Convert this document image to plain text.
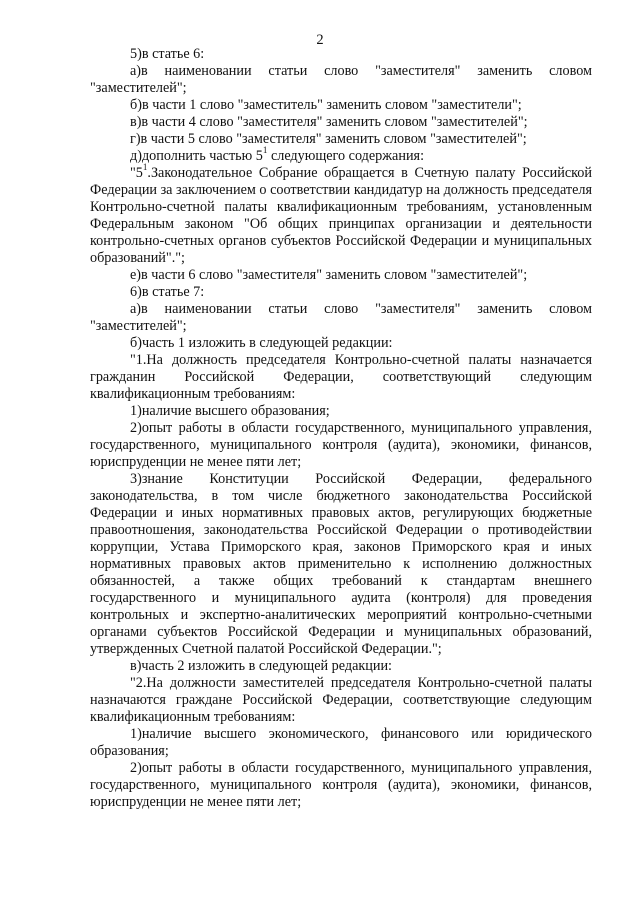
2

5)в статье 6:

а)в наименовании статьи слово "заместителя" заменить словом "заместителей";

б)в части 1 слово "заместитель" заменить словом "заместители";

в)в части 4 слово "заместителя" заменить словом "заместителей";

г)в части 5 слово "заместителя" заменить словом "заместителей";

д)дополнить частью $5^1$ следующего содержания:

"$5^1.Законодательное$ Собрание обращается в Счетную палату Российской Федерации за заключением о соответствии кандидатур на должность председателя Контрольно-счетной палаты квалификационным требованиям, установленным Федеральным законом "Об общих принципах организации и деятельности контрольно-счетных органов субъектов Российской Федерации и муниципальных образований".";

е)в части 6 слово "заместителя" заменить словом "заместителей";

6)в статье 7:

а)в наименовании статьи слово "заместителя" заменить словом "заместителей";

б)часть 1 изложить в следующей редакции:

"1.На должность председателя Контрольно-счетной палаты назначается гражданин Российской Федерации, соответствующий следующим квалификационным требованиям:

1)наличие высшего образования;

2)опыт работы в области государственного, муниципального управления, государственного, муниципального контроля (аудита), экономики, финансов, юриспруденции не менее пяти лет;

3)знание Конституции Российской Федерации, федерального законодательства, в том числе бюджетного законодательства Российской Федерации и иных нормативных правовых актов, регулирующих бюджетные правоотношения, законодательства Российской Федерации о противодействии коррупции, Устава Приморского края, законов Приморского края и иных нормативных правовых актов применительно к исполнению должностных обязанностей, а также общих требований к стандартам внешнего государственного и муниципального аудита (контроля) для проведения контрольных и экспертно-аналитических мероприятий контрольно-счетными органами субъектов Российской Федерации и муниципальных образований, утвержденных Счетной палатой Российской Федерации.";

в)часть 2 изложить в следующей редакции:

"2.На должности заместителей председателя Контрольно-счетной палаты назначаются граждане Российской Федерации, соответствующие следующим квалификационным требованиям:

1)наличие высшего экономического, финансового или юридического образования;

2)опыт работы в области государственного, муниципального управления, государственного, муниципального контроля (аудита), экономики, финансов, юриспруденции не менее пяти лет;
